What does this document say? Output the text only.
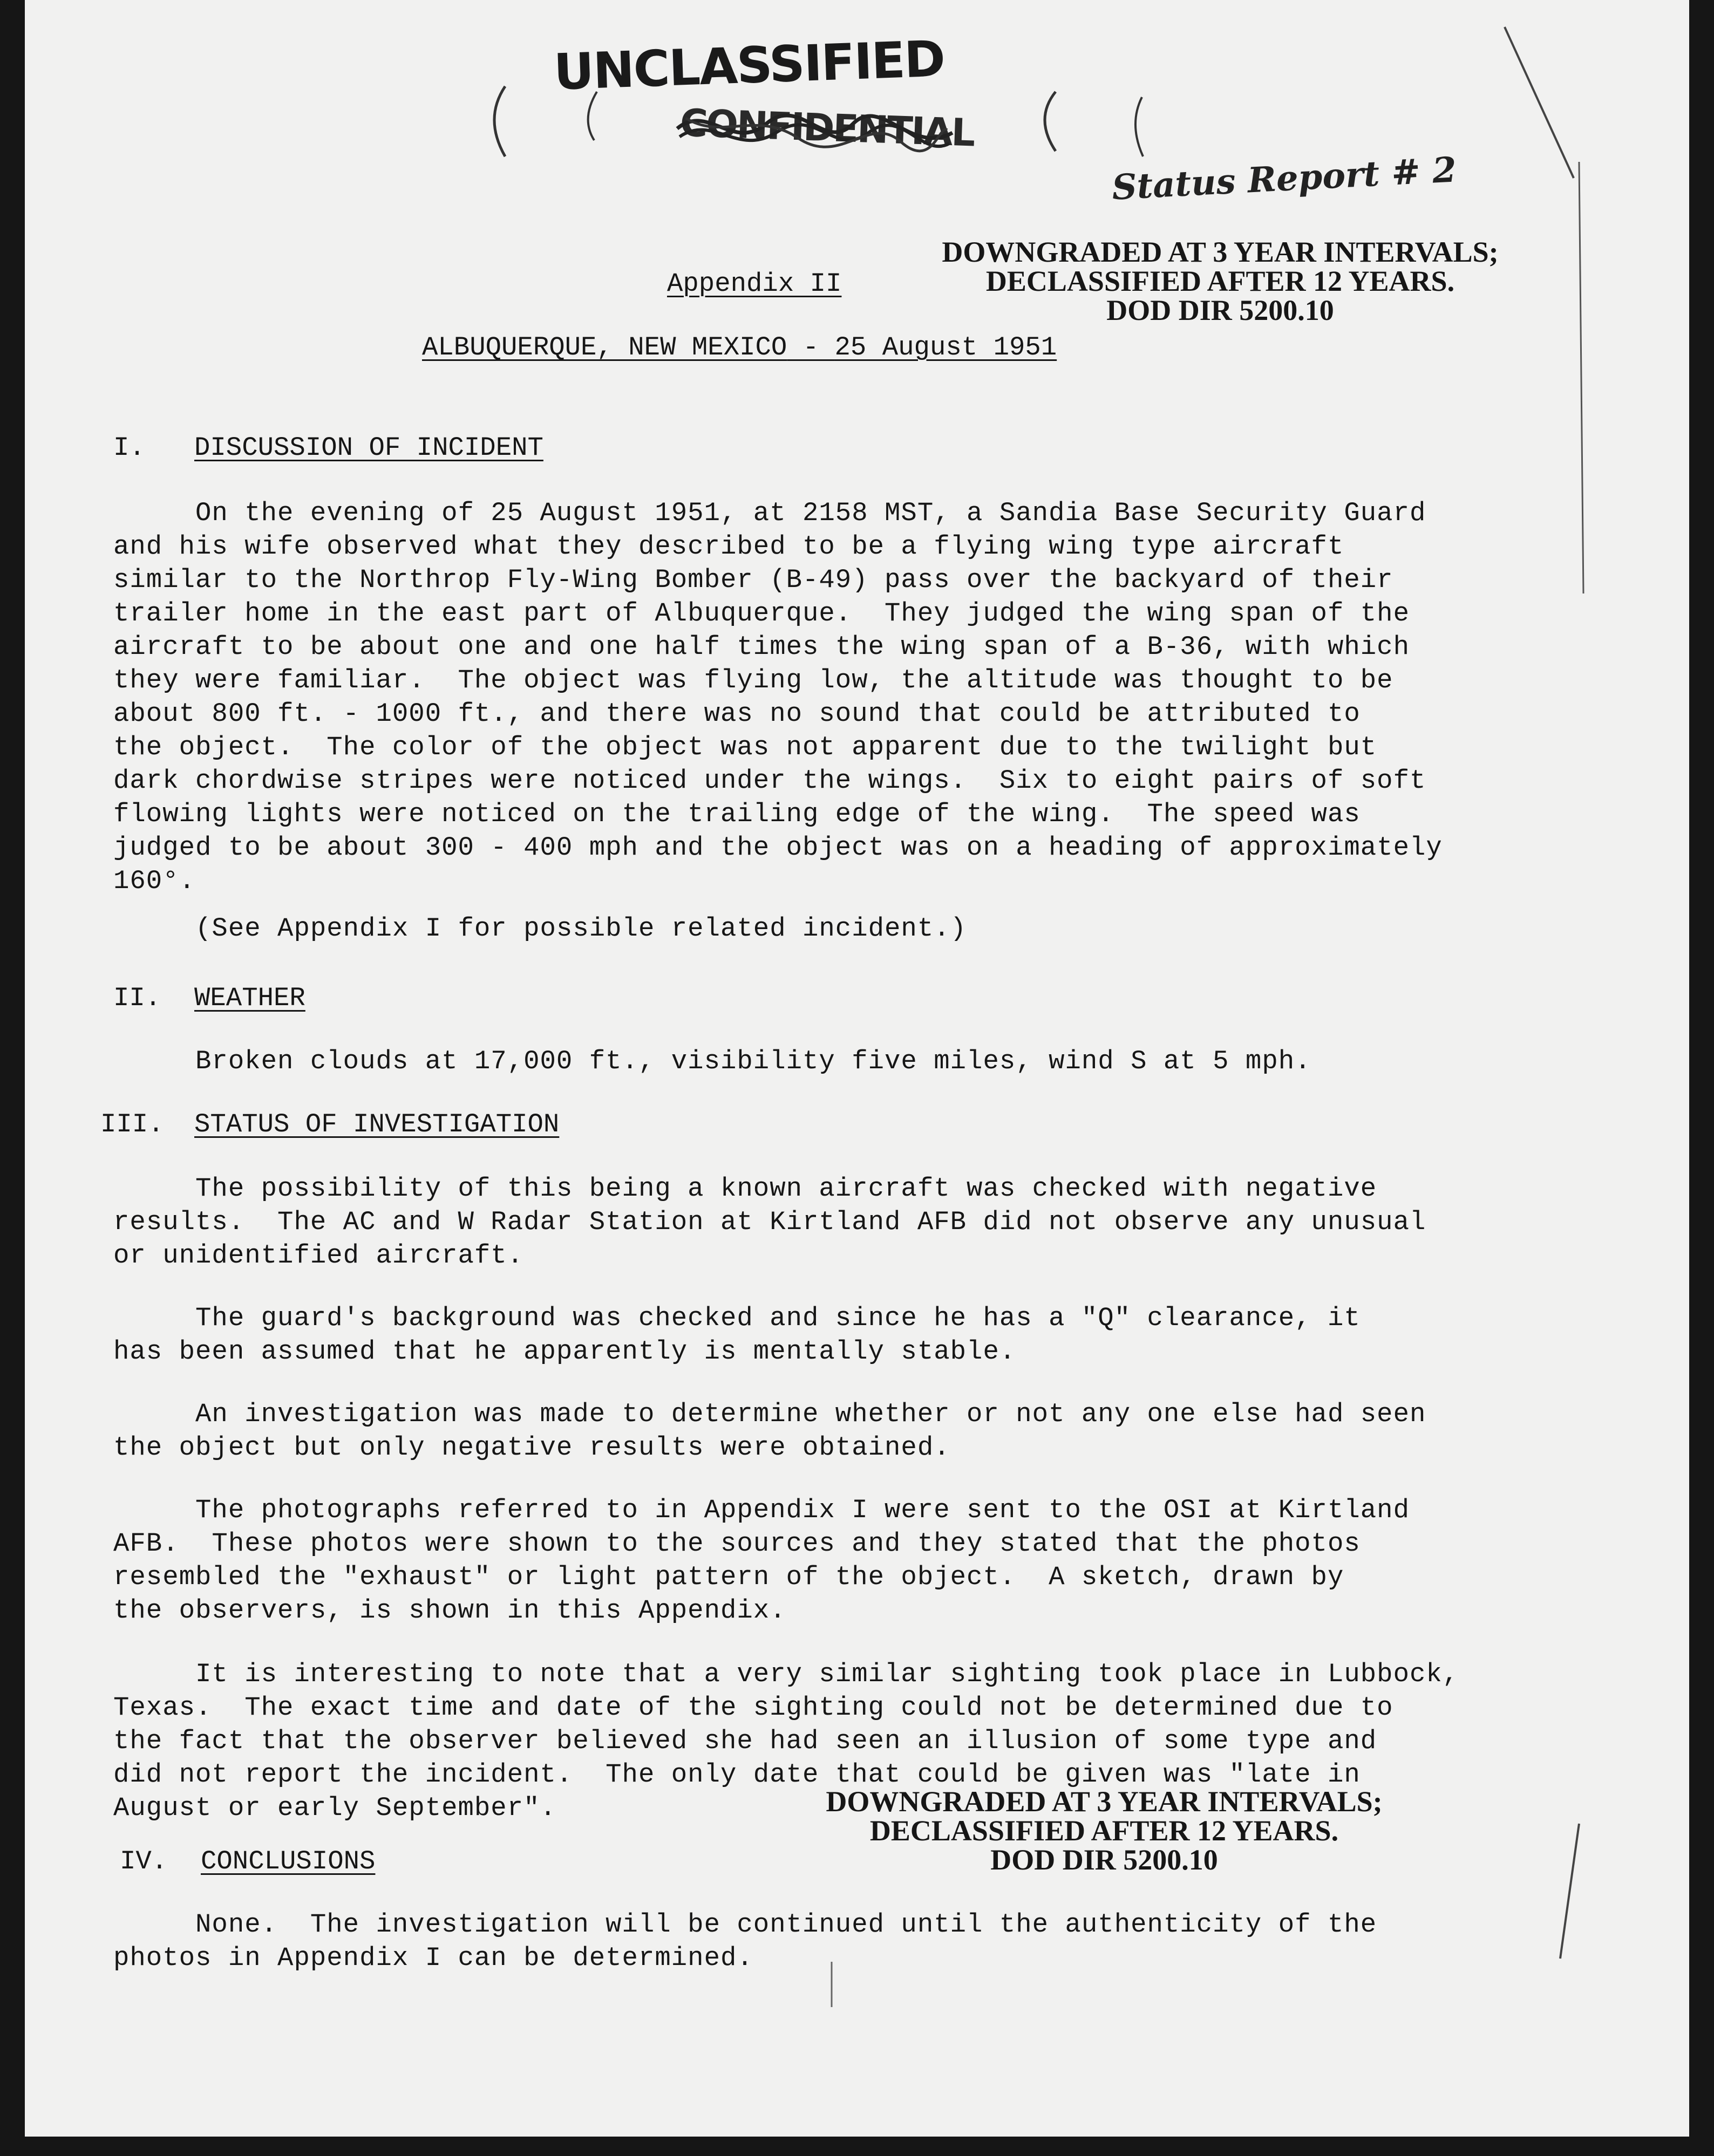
UNCLASSIFIED
CONFIDENTIAL
Status Report # 2
DOWNGRADED AT 3 YEAR INTERVALS;
DECLASSIFIED AFTER 12 YEARS.
DOD DIR 5200.10
Appendix II
ALBUQUERQUE, NEW MEXICO - 25 August 1951
I. DISCUSSION OF INCIDENT
On the evening of 25 August 1951, at 2158 MST, a Sandia Base Security Guard
and his wife observed what they described to be a flying wing type aircraft
similar to the Northrop Fly-Wing Bomber (B-49) pass over the backyard of their
trailer home in the east part of Albuquerque.  They judged the wing span of the
aircraft to be about one and one half times the wing span of a B-36, with which
they were familiar.  The object was flying low, the altitude was thought to be
about 800 ft. - 1000 ft., and there was no sound that could be attributed to
the object.  The color of the object was not apparent due to the twilight but
dark chordwise stripes were noticed under the wings.  Six to eight pairs of soft
flowing lights were noticed on the trailing edge of the wing.  The speed was
judged to be about 300 - 400 mph and the object was on a heading of approximately
160°.
(See Appendix I for possible related incident.)
II. WEATHER
Broken clouds at 17,000 ft., visibility five miles, wind S at 5 mph.
III. STATUS OF INVESTIGATION
The possibility of this being a known aircraft was checked with negative
results.  The AC and W Radar Station at Kirtland AFB did not observe any unusual
or unidentified aircraft.
The guard's background was checked and since he has a "Q" clearance, it
has been assumed that he apparently is mentally stable.
An investigation was made to determine whether or not any one else had seen
the object but only negative results were obtained.
The photographs referred to in Appendix I were sent to the OSI at Kirtland
AFB.  These photos were shown to the sources and they stated that the photos
resembled the "exhaust" or light pattern of the object.  A sketch, drawn by
the observers, is shown in this Appendix.
It is interesting to note that a very similar sighting took place in Lubbock,
Texas.  The exact time and date of the sighting could not be determined due to
the fact that the observer believed she had seen an illusion of some type and
did not report the incident.  The only date that could be given was "late in
August or early September".	DOWNGRADED AT 3 YEAR INTERVALS;
DECLASSIFIED AFTER 12 YEARS.
DOD DIR 5200.10
IV. CONCLUSIONS
None.  The investigation will be continued until the authenticity of the
photos in Appendix I can be determined.
